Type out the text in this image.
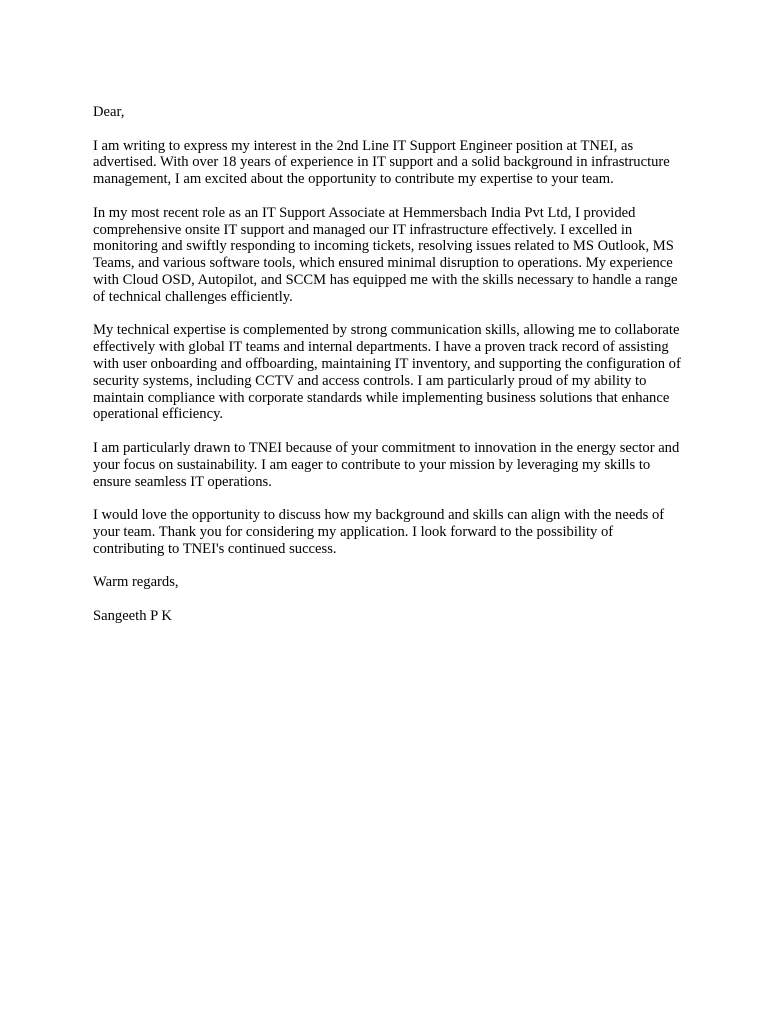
Dear,

I am writing to express my interest in the 2nd Line IT Support Engineer position at TNEI, as advertised. With over 18 years of experience in IT support and a solid background in infrastructure management, I am excited about the opportunity to contribute my expertise to your team.

In my most recent role as an IT Support Associate at Hemmersbach India Pvt Ltd, I provided comprehensive onsite IT support and managed our IT infrastructure effectively. I excelled in monitoring and swiftly responding to incoming tickets, resolving issues related to MS Outlook, MS Teams, and various software tools, which ensured minimal disruption to operations. My experience with Cloud OSD, Autopilot, and SCCM has equipped me with the skills necessary to handle a range of technical challenges efficiently.

My technical expertise is complemented by strong communication skills, allowing me to collaborate effectively with global IT teams and internal departments. I have a proven track record of assisting with user onboarding and offboarding, maintaining IT inventory, and supporting the configuration of security systems, including CCTV and access controls. I am particularly proud of my ability to maintain compliance with corporate standards while implementing business solutions that enhance operational efficiency.

I am particularly drawn to TNEI because of your commitment to innovation in the energy sector and your focus on sustainability. I am eager to contribute to your mission by leveraging my skills to ensure seamless IT operations.

I would love the opportunity to discuss how my background and skills can align with the needs of your team. Thank you for considering my application. I look forward to the possibility of contributing to TNEI's continued success.

Warm regards,

Sangeeth P K
